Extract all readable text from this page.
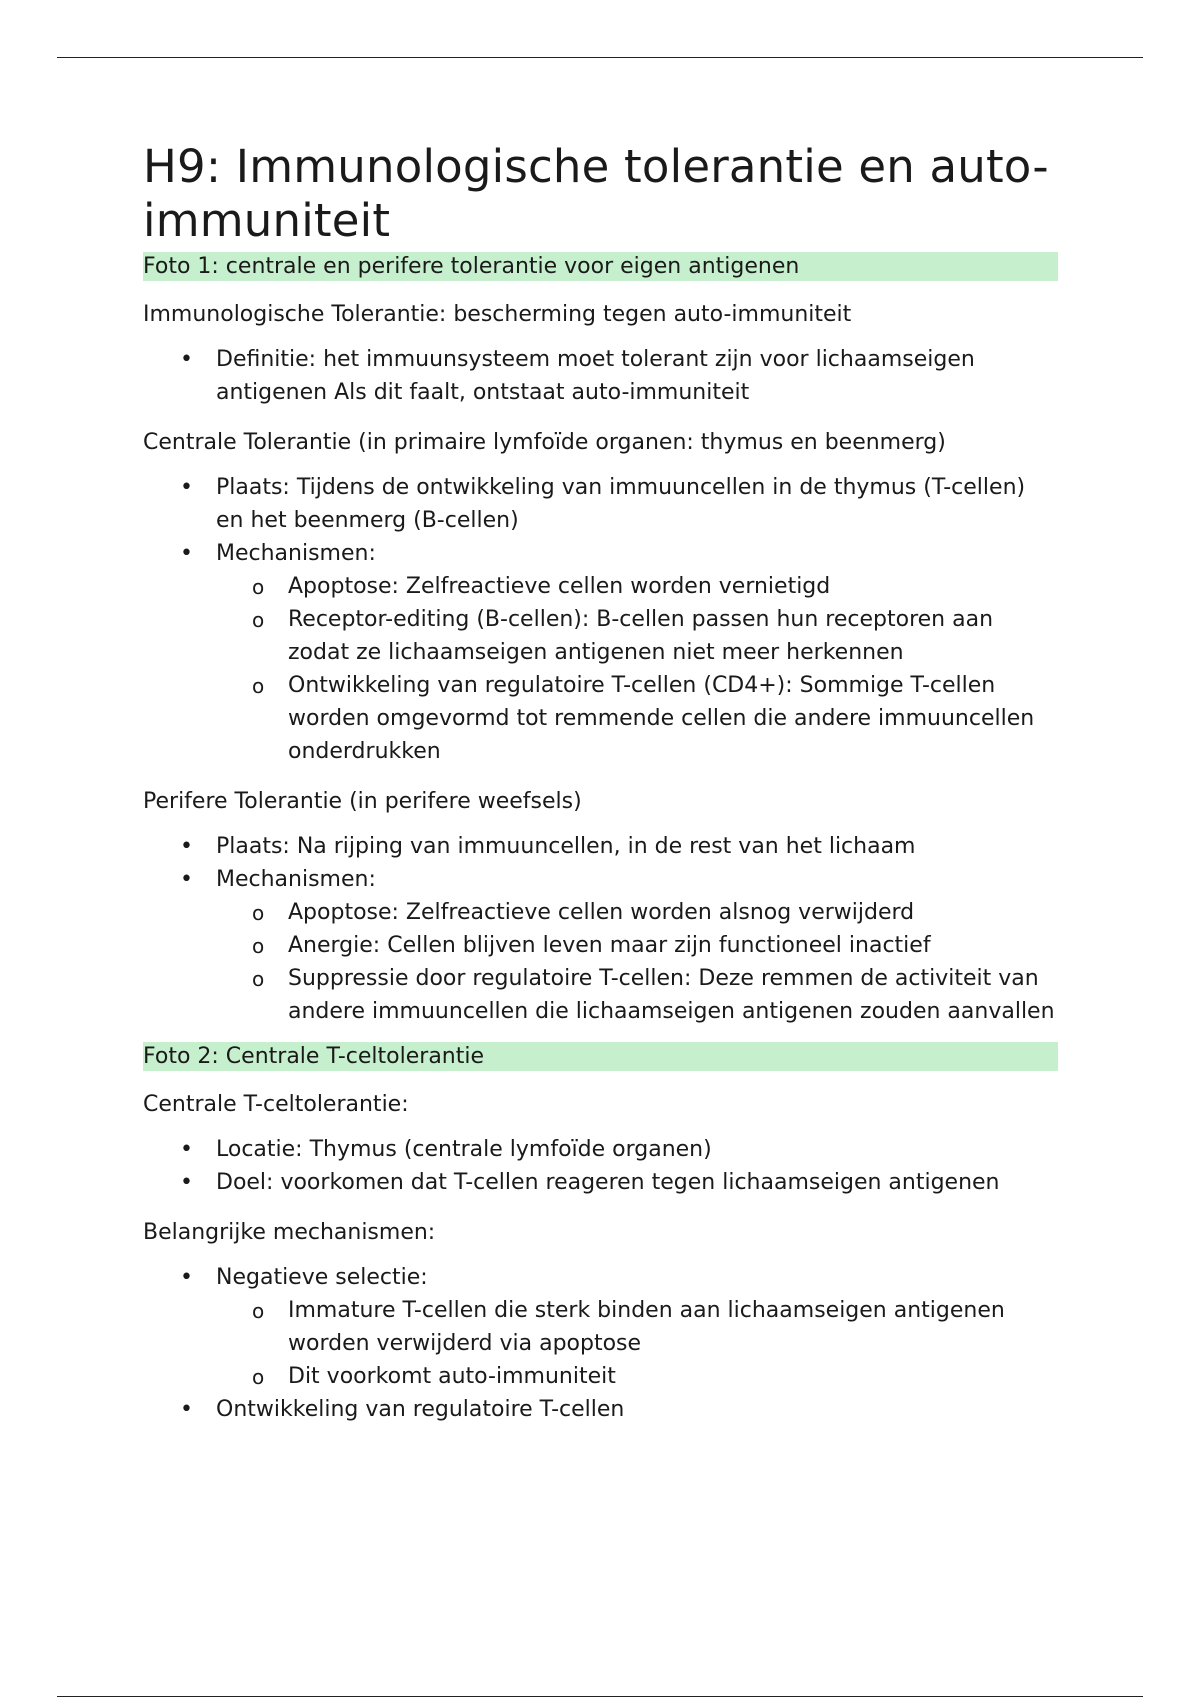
H9: Immunologische tolerantie en auto-immuniteit
Foto 1: centrale en perifere tolerantie voor eigen antigenen

Immunologische Tolerantie: bescherming tegen auto-immuniteit

• Definitie: het immuunsysteem moet tolerant zijn voor lichaamseigen antigenen Als dit faalt, ontstaat auto-immuniteit

Centrale Tolerantie (in primaire lymfoïde organen: thymus en beenmerg)

• Plaats: Tijdens de ontwikkeling van immuuncellen in de thymus (T-cellen) en het beenmerg (B-cellen)
• Mechanismen:
o Apoptose: Zelfreactieve cellen worden vernietigd
o Receptor-editing (B-cellen): B-cellen passen hun receptoren aan zodat ze lichaamseigen antigenen niet meer herkennen
o Ontwikkeling van regulatoire T-cellen (CD4+): Sommige T-cellen worden omgevormd tot remmende cellen die andere immuuncellen onderdrukken

Perifere Tolerantie (in perifere weefsels)

• Plaats: Na rijping van immuuncellen, in de rest van het lichaam
• Mechanismen:
o Apoptose: Zelfreactieve cellen worden alsnog verwijderd
o Anergie: Cellen blijven leven maar zijn functioneel inactief
o Suppressie door regulatoire T-cellen: Deze remmen de activiteit van andere immuuncellen die lichaamseigen antigenen zouden aanvallen
Foto 2: Centrale T-celtolerantie

Centrale T-celtolerantie:

• Locatie: Thymus (centrale lymfoïde organen)
• Doel: voorkomen dat T-cellen reageren tegen lichaamseigen antigenen

Belangrijke mechanismen:

• Negatieve selectie:
o Immature T-cellen die sterk binden aan lichaamseigen antigenen worden verwijderd via apoptose
o Dit voorkomt auto-immuniteit
• Ontwikkeling van regulatoire T-cellen
